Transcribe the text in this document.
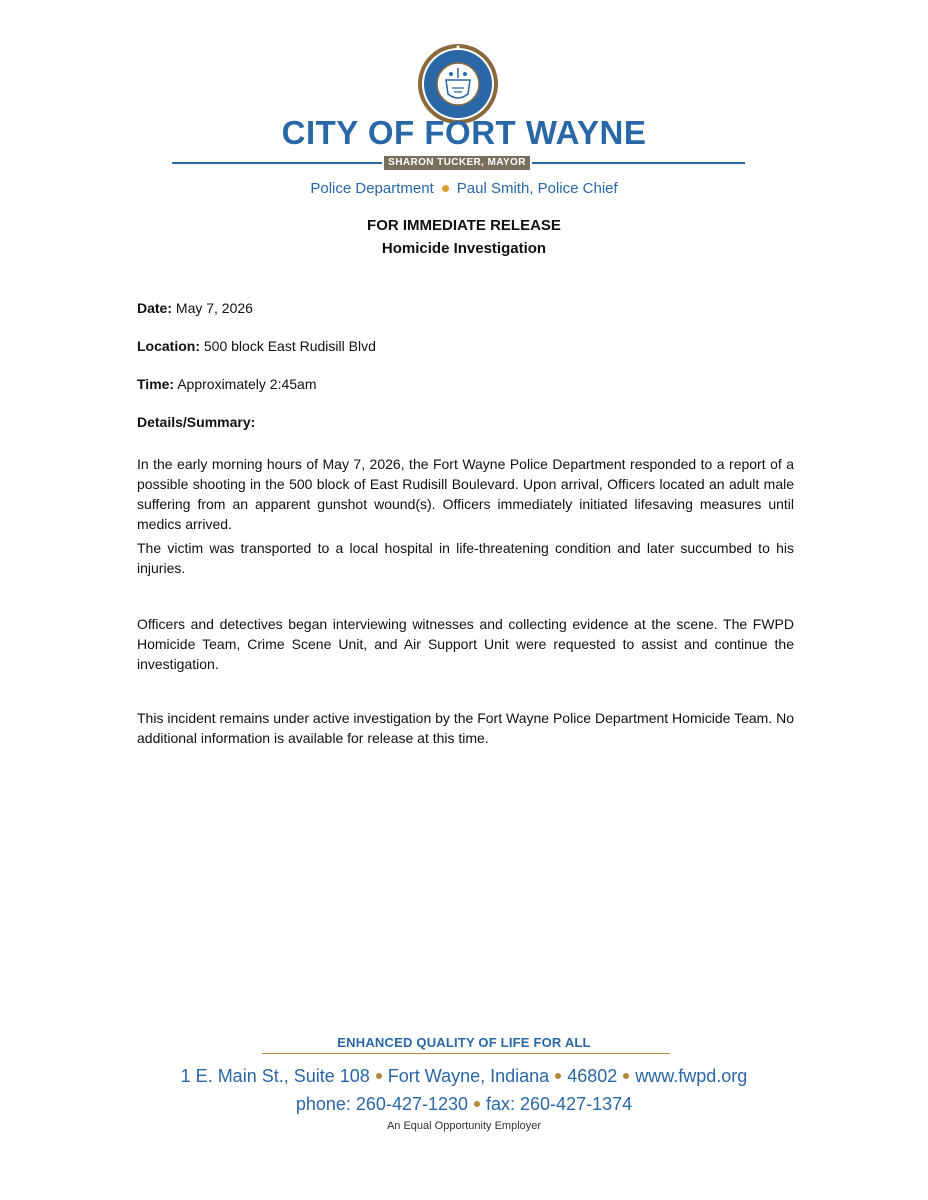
CITY OF FORT WAYNE
SHARON TUCKER, MAYOR
Police Department Paul Smith, Police Chief
FOR IMMEDIATE RELEASE
Homicide Investigation

Date: May 7, 2026

Location: 500 block East Rudisill Blvd

Time: Approximately 2:45am

Details/Summary:

In the early morning hours of May 7, 2026, the Fort Wayne Police Department responded to a report of a possible shooting in the 500 block of East Rudisill Boulevard. Upon arrival, Officers located an adult male suffering from an apparent gunshot wound(s). Officers immediately initiated lifesaving measures until medics arrived.

The victim was transported to a local hospital in life-threatening condition and later succumbed to his injuries.

Officers and detectives began interviewing witnesses and collecting evidence at the scene. The FWPD Homicide Team, Crime Scene Unit, and Air Support Unit were requested to assist and continue the investigation.

This incident remains under active investigation by the Fort Wayne Police Department Homicide Team. No additional information is available for release at this time.

ENHANCED QUALITY OF LIFE FOR ALL
1 E. Main St., Suite 108 Fort Wayne, Indiana 46802 www.fwpd.org
phone: 260-427-1230 fax: 260-427-1374
An Equal Opportunity Employer
